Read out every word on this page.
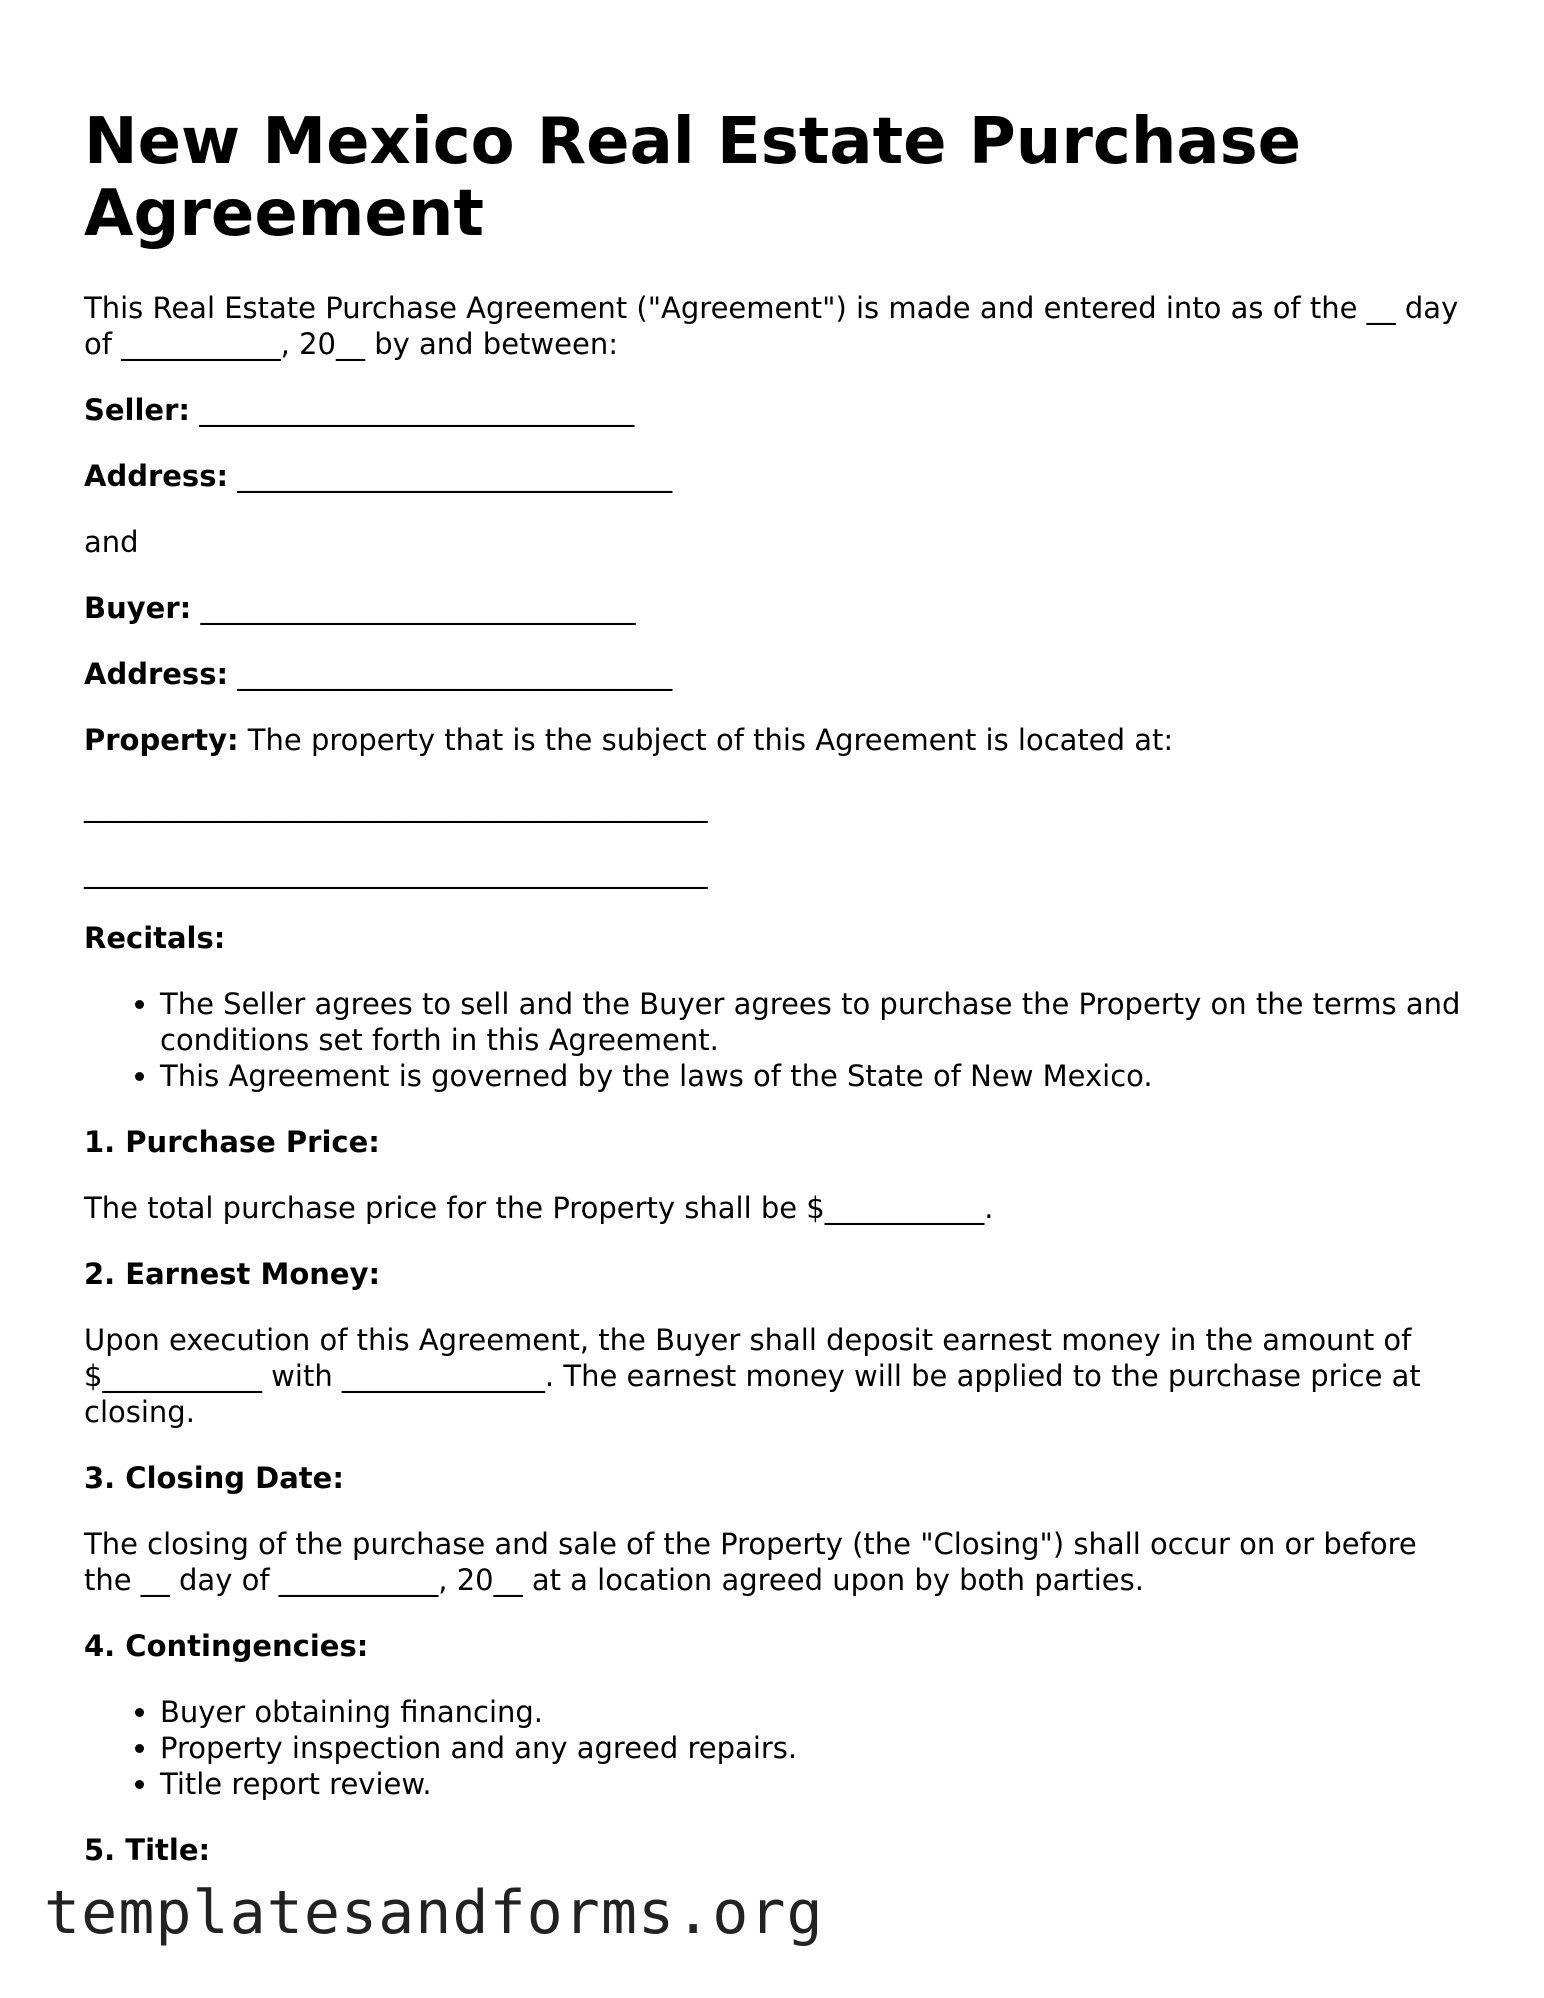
New Mexico Real Estate Purchase Agreement

This Real Estate Purchase Agreement ("Agreement") is made and entered into as of the __ day of ___________, 20__ by and between:

Seller: ______________________________

Address: ______________________________

and

Buyer: ______________________________

Address: ______________________________

Property: The property that is the subject of this Agreement is located at:

___________________________________________

___________________________________________

Recitals:

• The Seller agrees to sell and the Buyer agrees to purchase the Property on the terms and conditions set forth in this Agreement.
• This Agreement is governed by the laws of the State of New Mexico.

1. Purchase Price:

The total purchase price for the Property shall be $___________.

2. Earnest Money:

Upon execution of this Agreement, the Buyer shall deposit earnest money in the amount of $___________ with ______________. The earnest money will be applied to the purchase price at closing.

3. Closing Date:

The closing of the purchase and sale of the Property (the "Closing") shall occur on or before the __ day of ___________, 20__ at a location agreed upon by both parties.

4. Contingencies:

• Buyer obtaining financing.
• Property inspection and any agreed repairs.
• Title report review.

5. Title:

templatesandforms.org
